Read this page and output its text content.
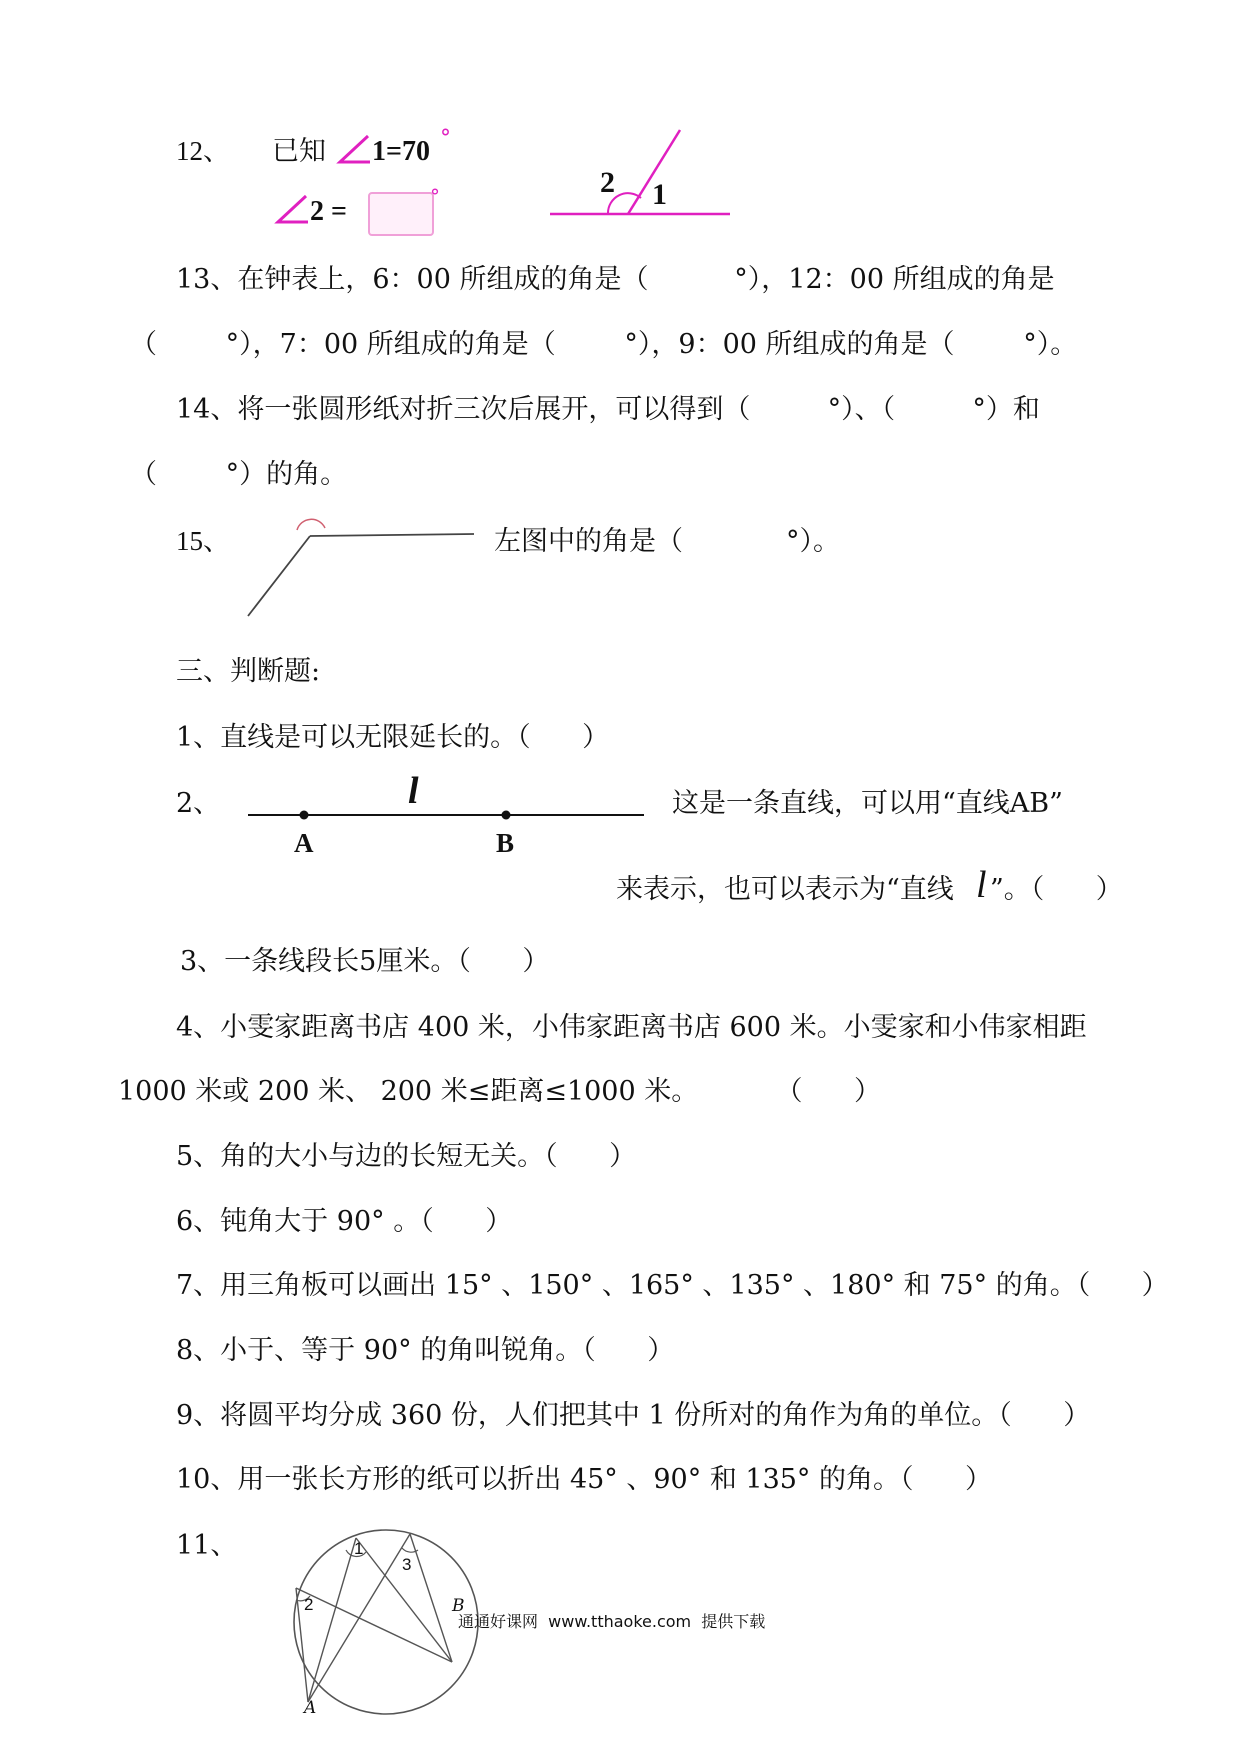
12、 已知 1=70 °
2 =	°	2 1
13、在钟表上，6：00 所组成的角是（          °），12：00 所组成的角是
（        °），7：00 所组成的角是（        °），9：00 所组成的角是（        °）。
14、将一张圆形纸对折三次后展开，可以得到（         °）、（         °）和
（        °）的角。
15、	左图中的角是（            °）。
三、判断题:
1、直线是可以无限延长的。（      ）
2、	l
A	B
这是一条直线，可以用“直线AB”
来表示，也可以表示为“直线 l ”。（      ）
3、一条线段长5厘米。（      ）
4、小雯家距离书店 400 米，小伟家距离书店 600 米。小雯家和小伟家相距
1000 米或 200 米、 200 米≤距离≤1000 米。         （      ）
5、角的大小与边的长短无关。（      ）
6、钝角大于 90° 。（      ）
7、用三角板可以画出 15° 、150° 、165° 、135° 、180° 和 75° 的角。（      ）
8、小于、等于 90° 的角叫锐角。（      ）
9、将圆平均分成 360 份，人们把其中 1 份所对的角作为角的单位。（      ）
10、用一张长方形的纸可以折出 45° 、90° 和 135° 的角。（      ）
11、	1
3
2	B
A
通通好课网  www.tthaoke.com  提供下载
